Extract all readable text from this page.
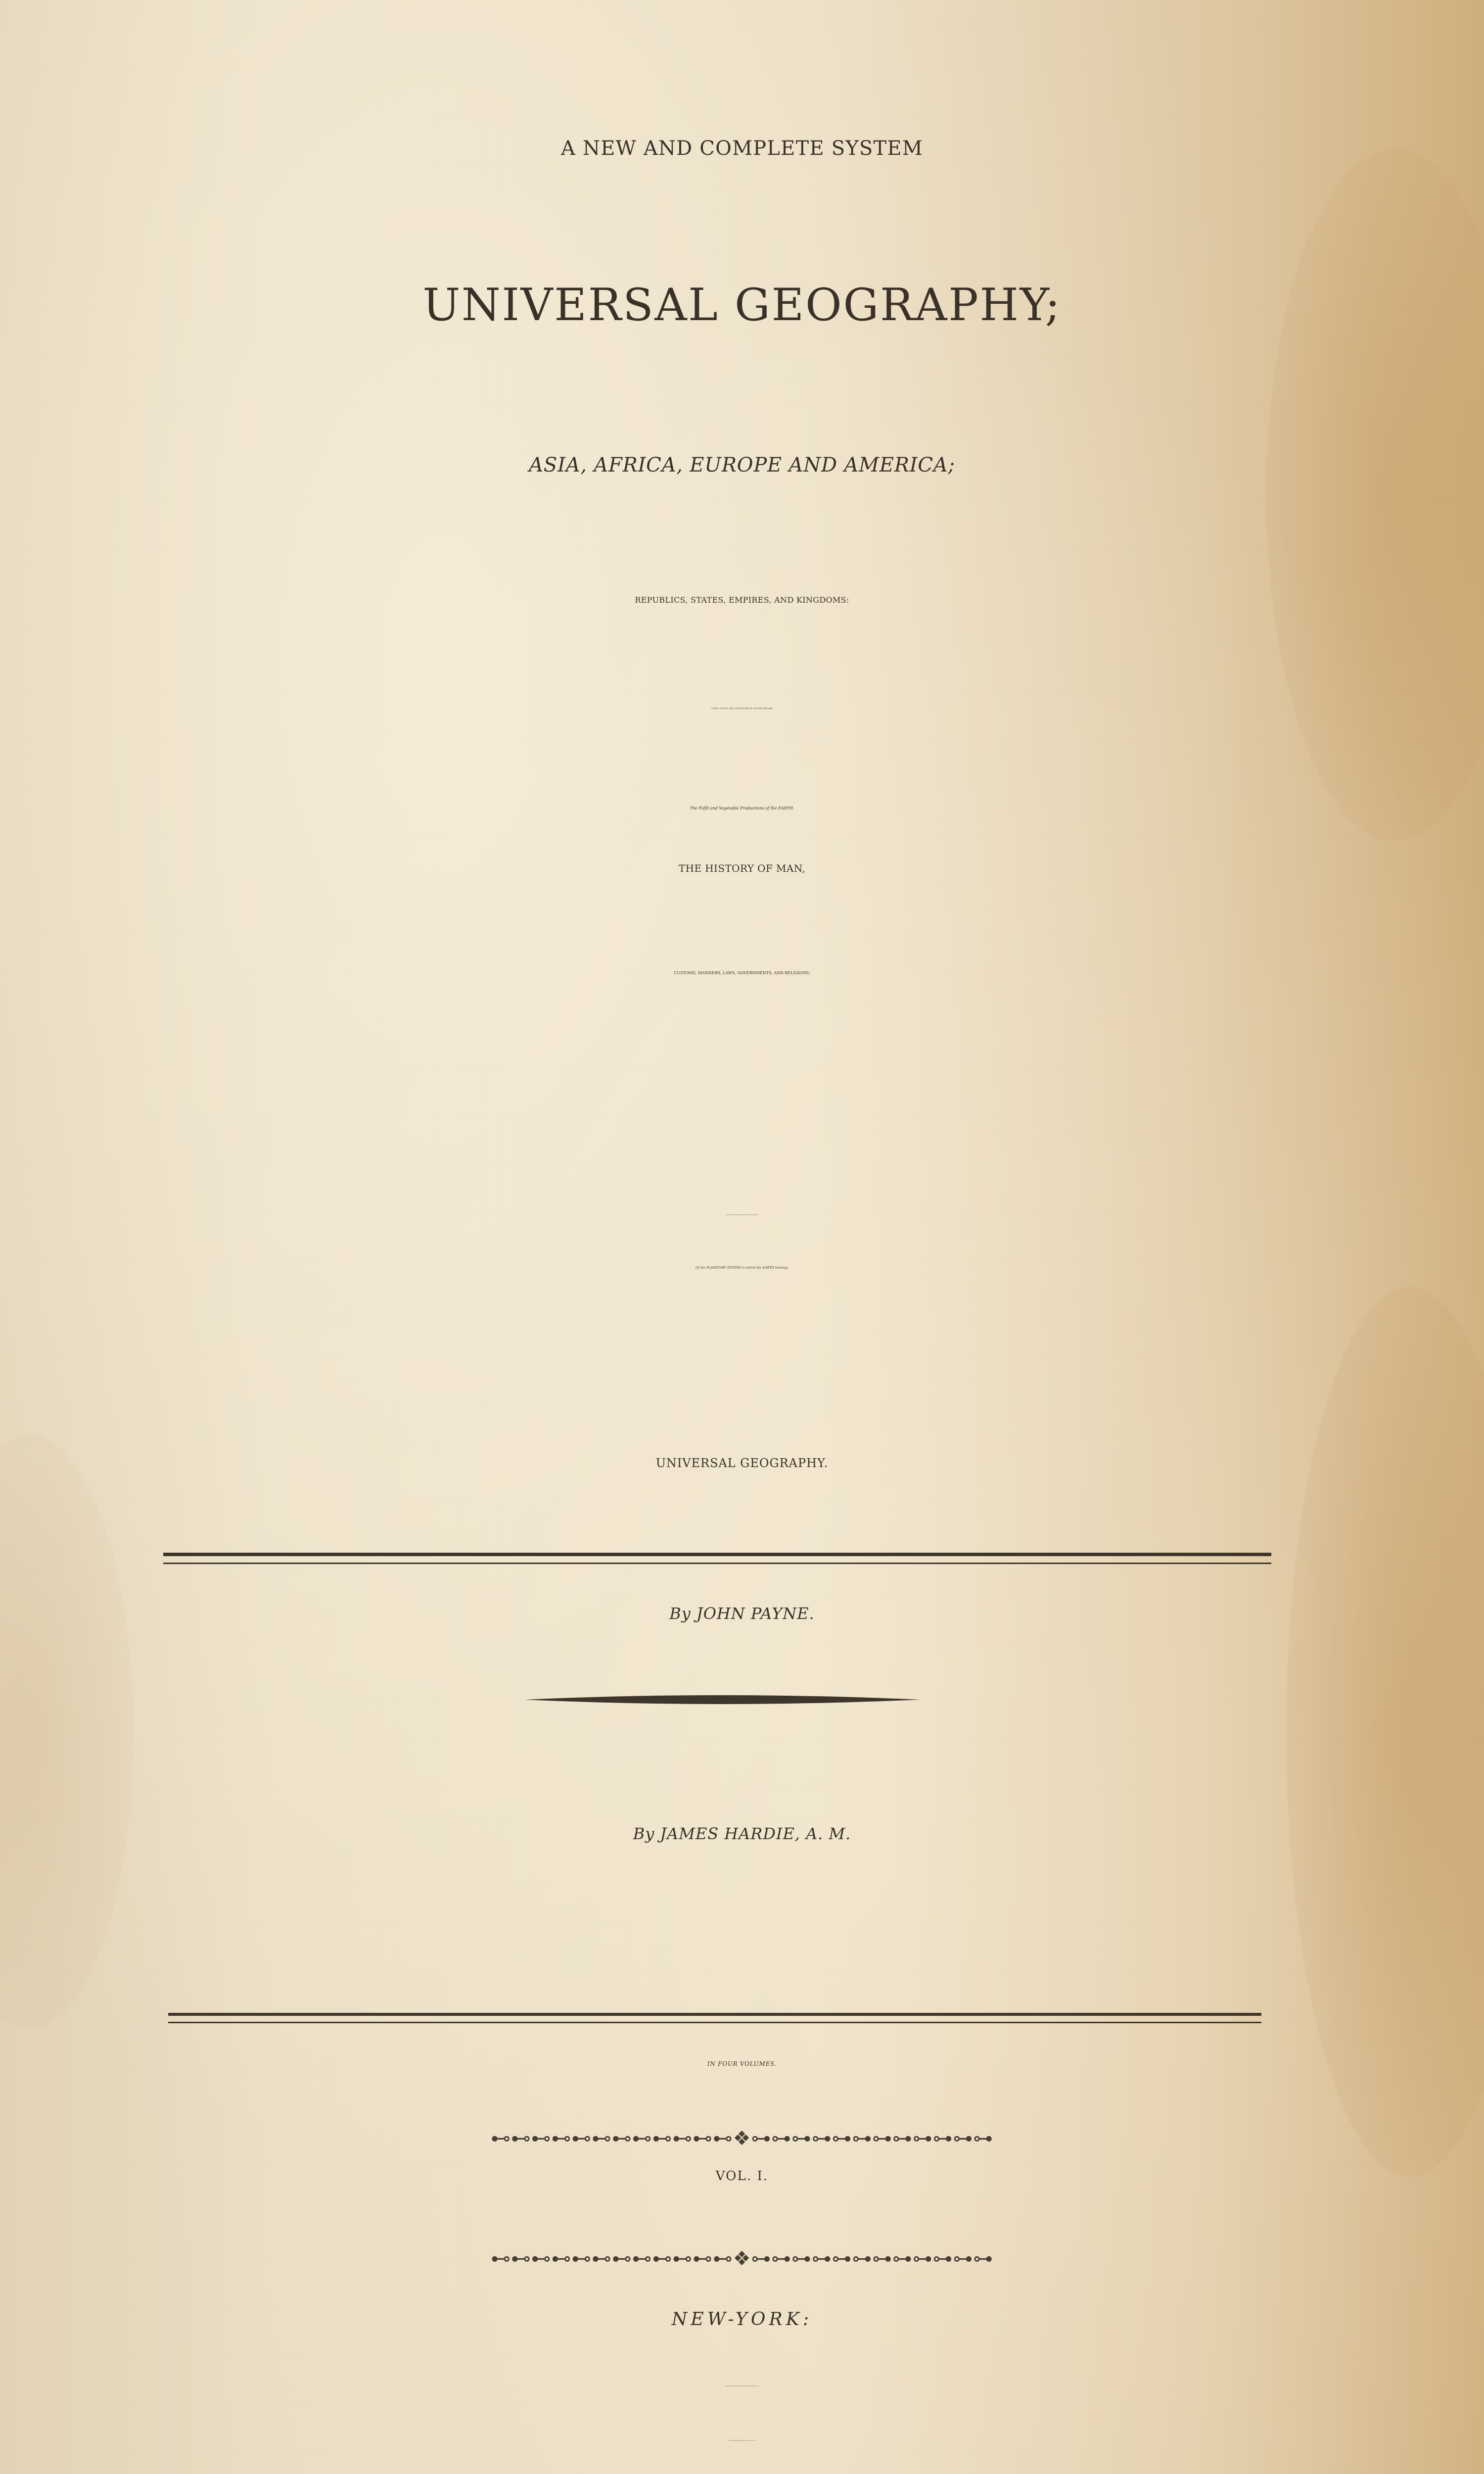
A NEW AND COMPLETE SYSTEM
UNIVERSAL GEOGRAPHY;
ASIA, AFRICA, EUROPE AND AMERICA;
REPUBLICS, STATES, EMPIRES, AND KINGDOMS:
CITIES, TOWNS, AND CURIOSITIES OF NATURE AND ART,
The Foſſil and Vegetable Productions of the EARTH.
THE HISTORY OF MAN,
CUSTOMS, MANNERS, LAWS, GOVERNMENTS, AND RELIGIONS:
A VIEW OF ASTRONOMY, AS CONNECTED WITH GEOGRAPHY;
Of the PLANETARY SYSTEM to which the EARTH belongs;
UNIVERSAL GEOGRAPHY.
By JOHN PAYNE.
By JAMES HARDIE, A. M.
IN FOUR VOLUMES.
⊷⊷⊷⊷⊷⊷⊷⊷⊷⊷⊷⊷❖⊶⊶⊶⊶⊶⊶⊶⊶⊶⊶⊶⊶
VOL. I.
⊷⊷⊷⊷⊷⊷⊷⊷⊷⊷⊷⊷❖⊶⊶⊶⊶⊶⊶⊶⊶⊶⊶⊶⊶
NEW-YORK:
PRINTED FOR, AND SOLD BY JOHN LOW, BOOK-SELLER, AT
THE SHAKESPEARES HEAD, No. 332 Water-Street,
